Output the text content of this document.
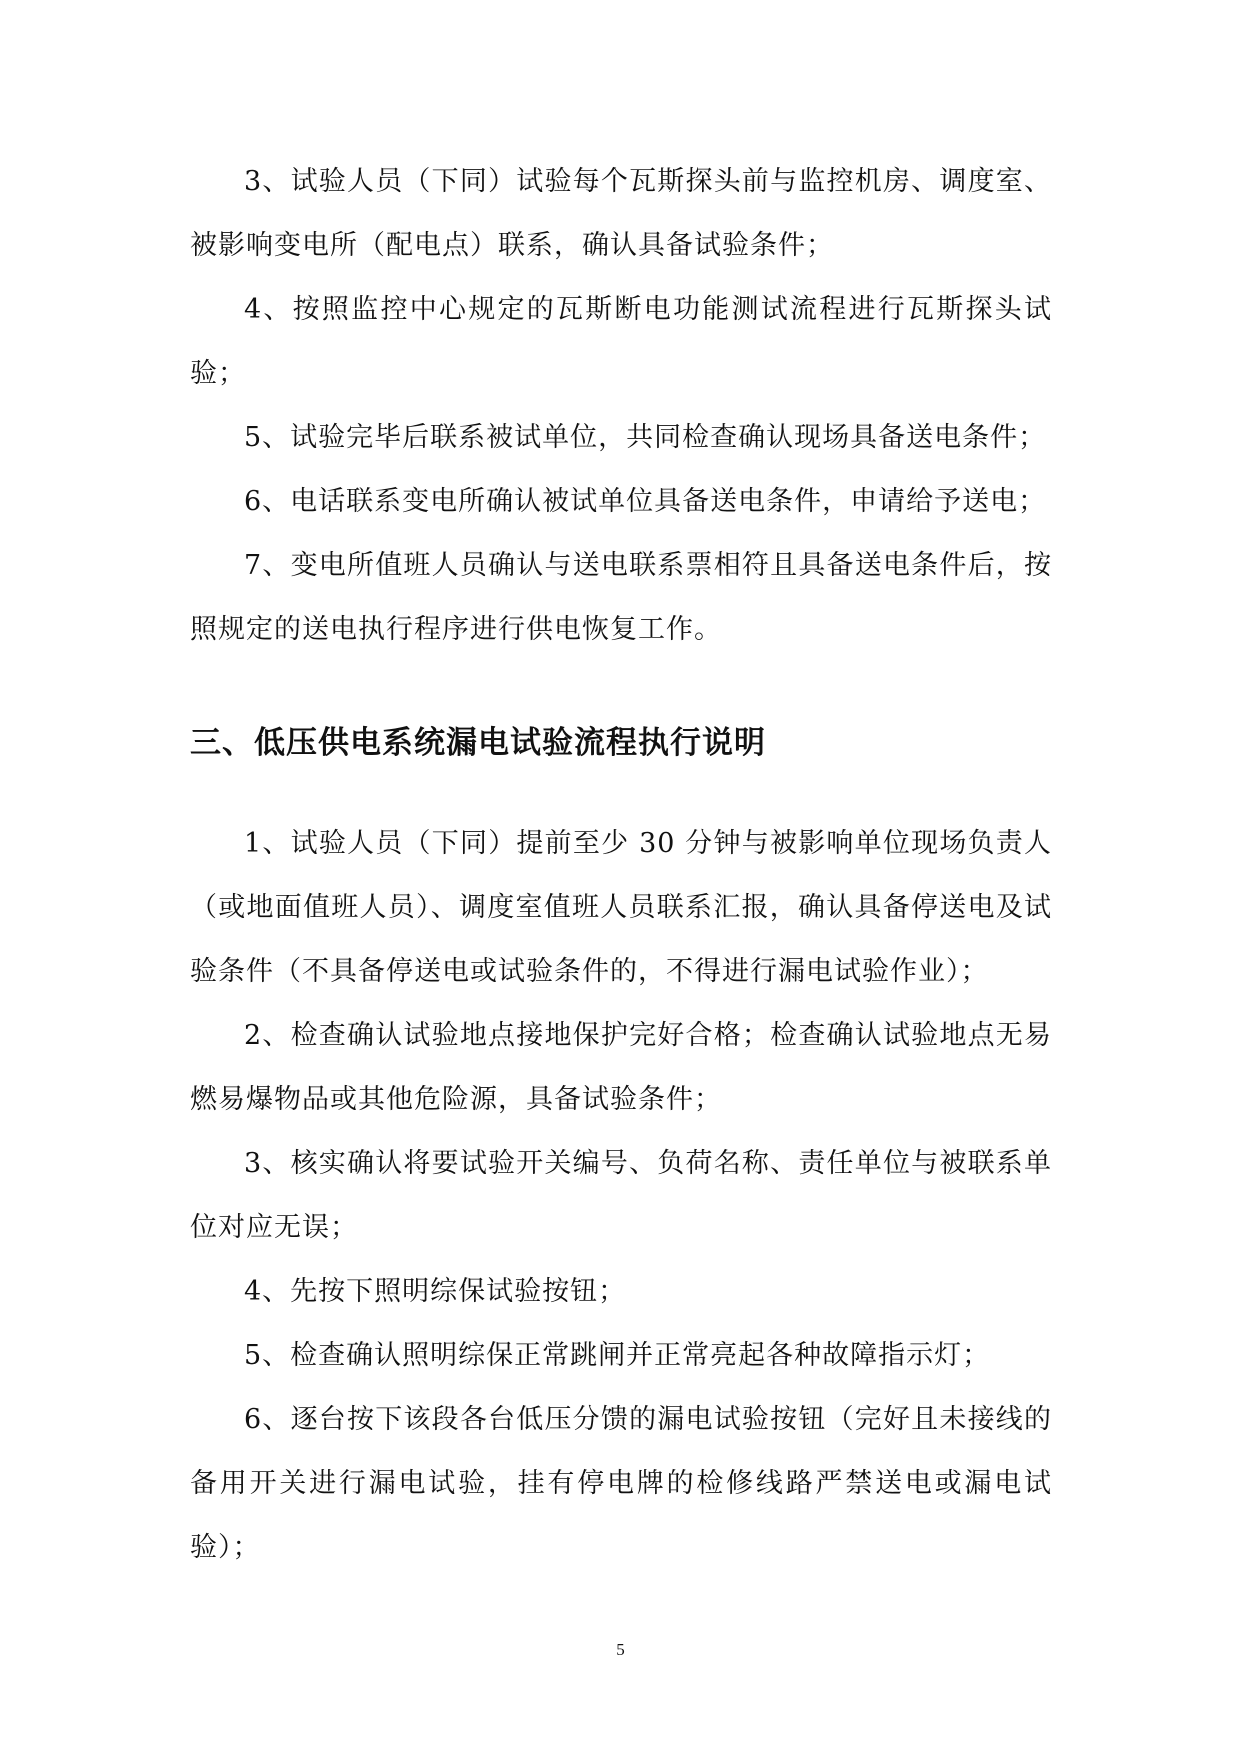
3、试验人员（下同）试验每个瓦斯探头前与监控机房、调度室、被影响变电所（配电点）联系，确认具备试验条件；

4、按照监控中心规定的瓦斯断电功能测试流程进行瓦斯探头试验；

5、试验完毕后联系被试单位，共同检查确认现场具备送电条件；

6、电话联系变电所确认被试单位具备送电条件，申请给予送电；

7、变电所值班人员确认与送电联系票相符且具备送电条件后，按照规定的送电执行程序进行供电恢复工作。

三、低压供电系统漏电试验流程执行说明

1、试验人员（下同）提前至少 30 分钟与被影响单位现场负责人（或地面值班人员）、调度室值班人员联系汇报，确认具备停送电及试验条件（不具备停送电或试验条件的，不得进行漏电试验作业）；

2、检查确认试验地点接地保护完好合格；检查确认试验地点无易燃易爆物品或其他危险源，具备试验条件；

3、核实确认将要试验开关编号、负荷名称、责任单位与被联系单位对应无误；

4、先按下照明综保试验按钮；

5、检查确认照明综保正常跳闸并正常亮起各种故障指示灯；

6、逐台按下该段各台低压分馈的漏电试验按钮（完好且未接线的备用开关进行漏电试验，挂有停电牌的检修线路严禁送电或漏电试验）；

5
